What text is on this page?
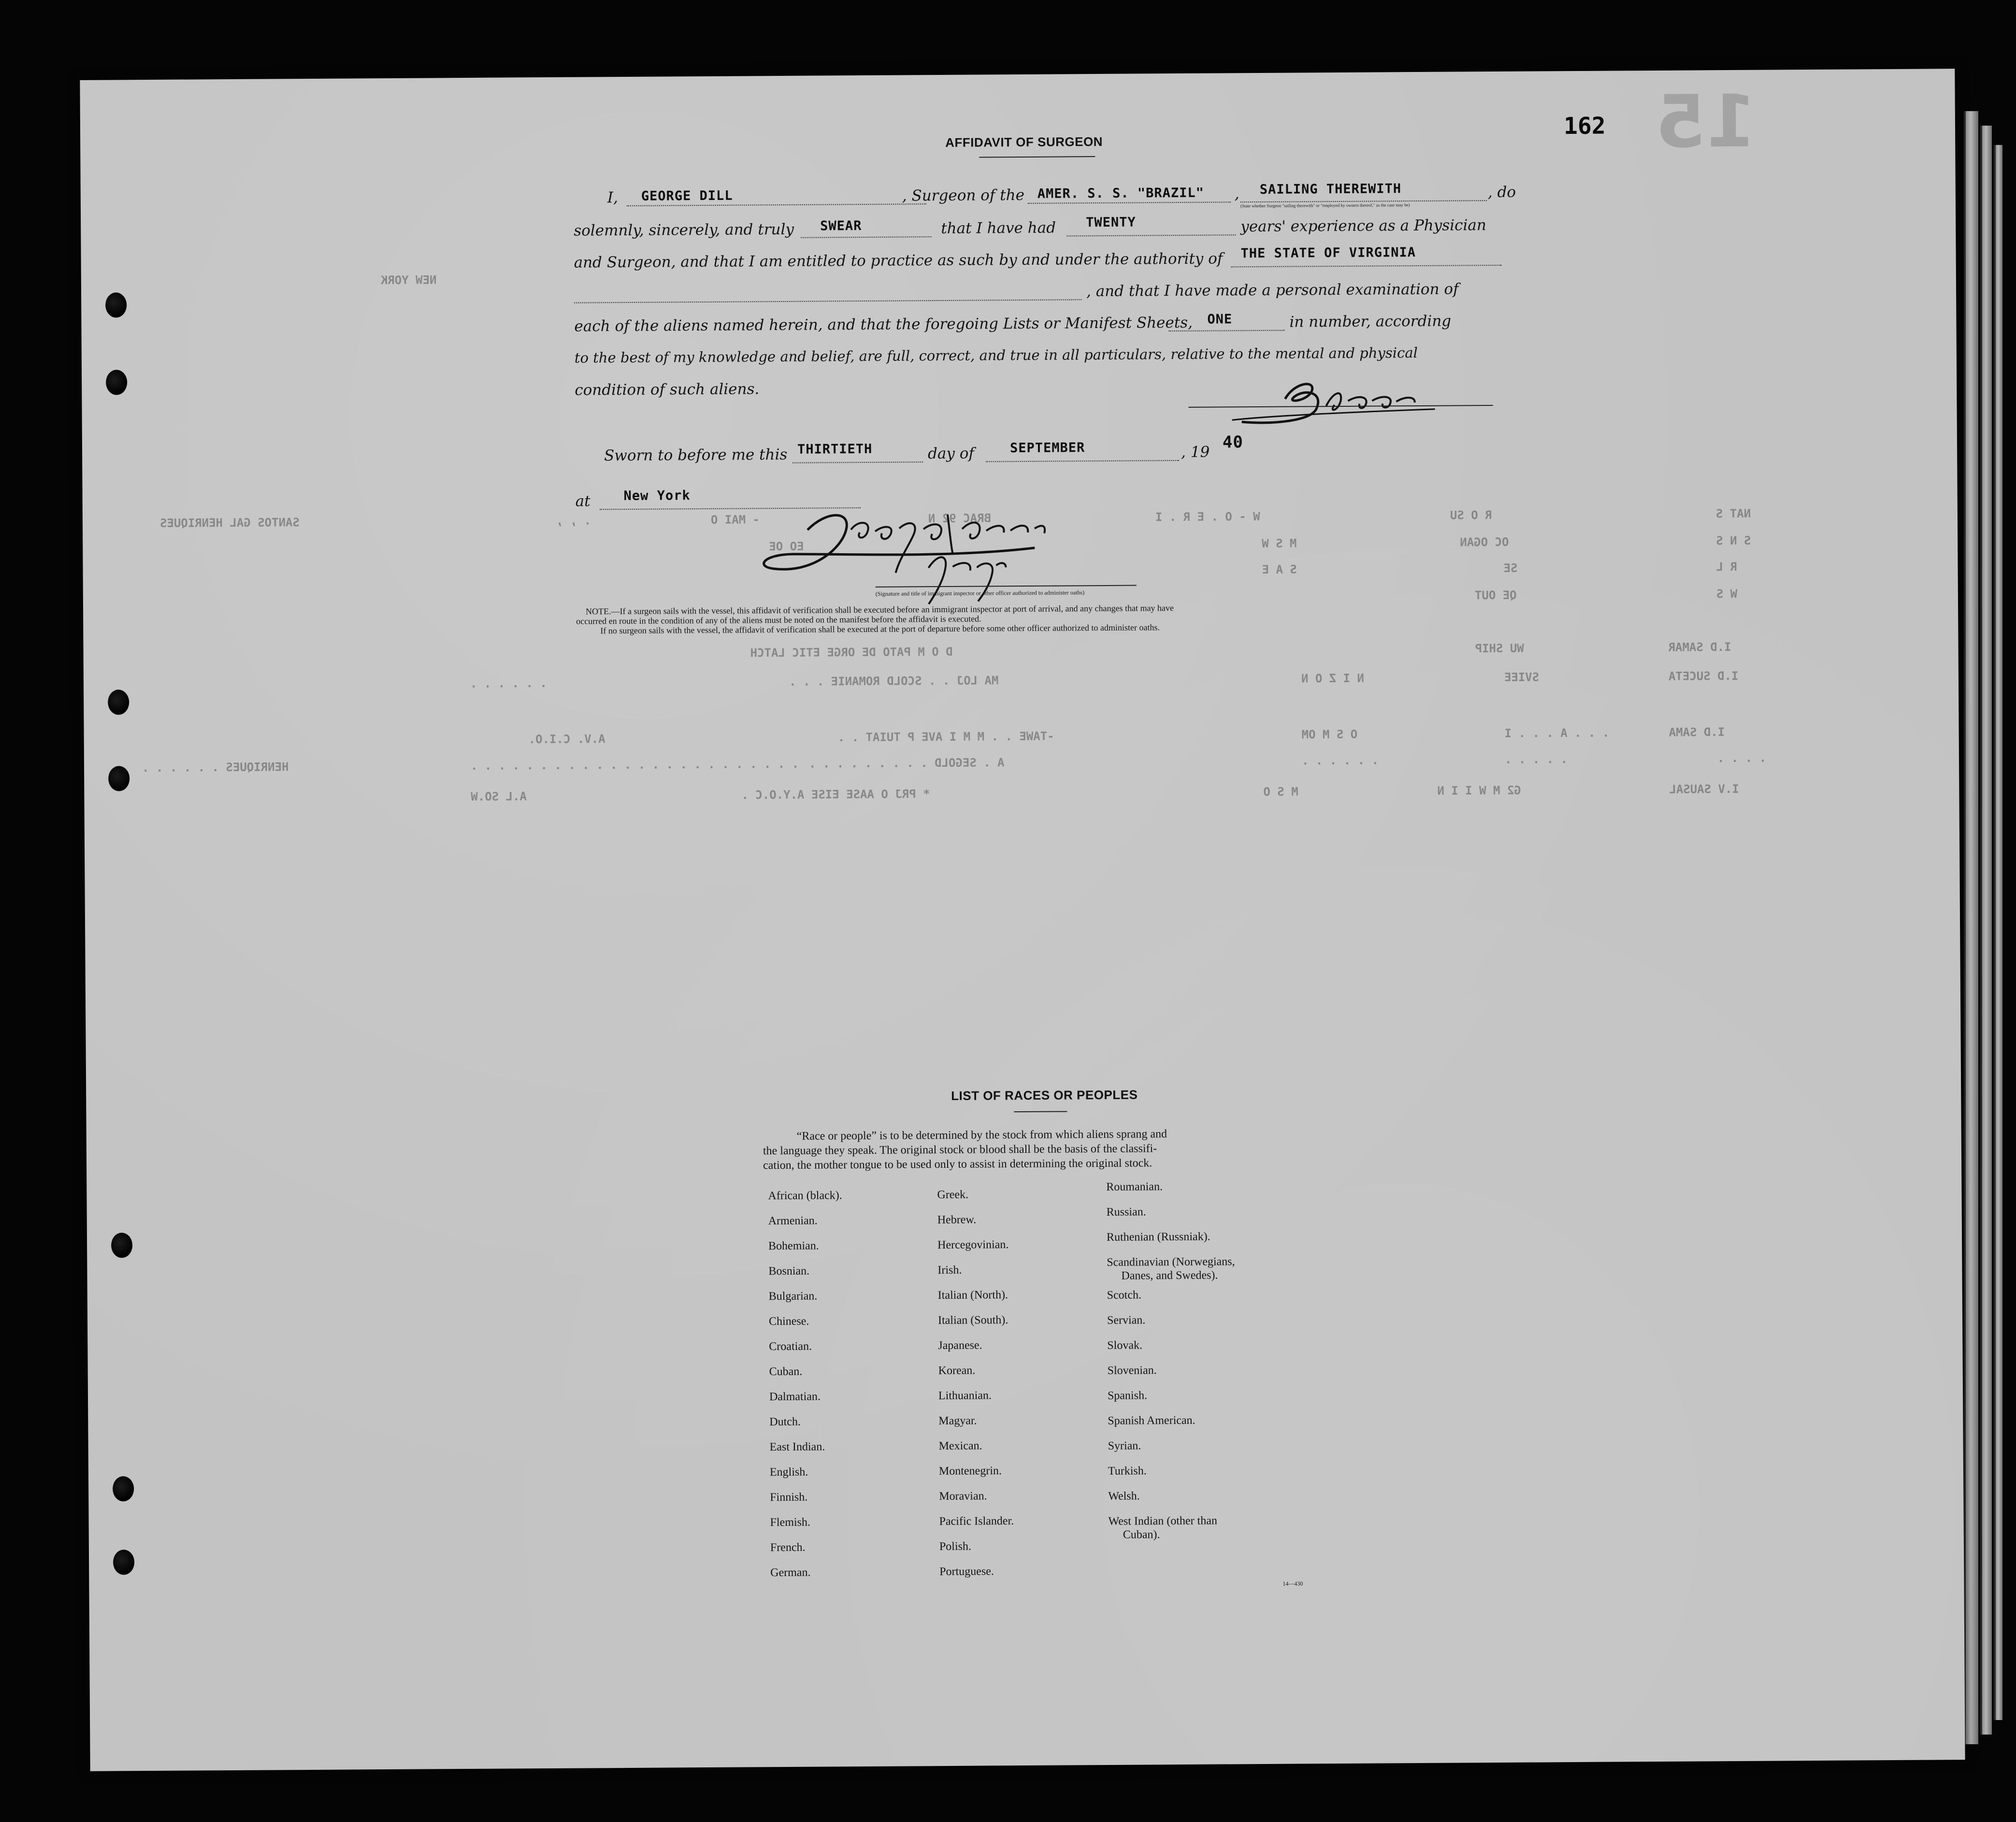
162 15
NEW YORK
SANTOS GAL HENRIQUES	. , ,	- MAI O	BRAC 92 N	W - O . E R . I	R O SU	NAT S
EO OE	M S W	OC OGAN	S N S
S A E	SE	R L
QE OUT	W S
D O M PATO DE ORGE ETIC LATCH	WU SHIP	I.D SAMAR
. . . . . .	MA LOJ . . SCOLD ROMANIE . . .	N I Z O N	SVIEE	I.D SUCETA
A.V. C.I.O.	-TAWE . . M M I AVE P TUIAT . .	O S M OM	. . . A . . . I	I.D SAMA
HENRIQUES . . . . . .	. . . . . . . . . . . . . . . . . . . . . . . . A . SEGOLD . . . . . . . . .	. . . . . .	. . . . .	. . . .
A.L SO.W	* PRJ O AASE EISE A.Y.O.C .	M S O	G2 M W I I N	I.V SAUSAL
AFFIDAVIT OF SURGEON
I, GEORGE DILL	, Surgeon of the AMER. S. S. "BRAZIL" , SAILING THEREWITH
(State whether Surgeon "sailing therewith" or "employed by owners thereof," as the case may be)
, do
solemnly, sincerely, and truly SWEAR	that I have had TWENTY	years' experience as a Physician
and Surgeon, and that I am entitled to practice as such by and under the authority of THE STATE OF VIRGINIA
, and that I have made a personal examination of
each of the aliens named herein, and that the foregoing Lists or Manifest Sheets, ONE	in number, according
to the best of my knowledge and belief, are full, correct, and true in all particulars, relative to the mental and physical
condition of such aliens.
Sworn to before me this THIRTIETH	day of	SEPTEMBER	, 19
40
at	New York
(Signature and title of immigrant inspector or other officer authorized to administer oaths)
NOTE.—If a surgeon sails with the vessel, this affidavit of verification shall be executed before an immigrant inspector at port of arrival, and any changes that may have
occurred en route in the condition of any of the aliens must be noted on the manifest before the affidavit is executed.
If no surgeon sails with the vessel, the affidavit of verification shall be executed at the port of departure before some other officer authorized to administer oaths.
LIST OF RACES OR PEOPLES
“Race or people” is to be determined by the stock from which aliens sprang and
the language they speak. The original stock or blood shall be the basis of the classifi-
cation, the mother tongue to be used only to assist in determining the original stock.
African (black).
Armenian.
Bohemian.
Bosnian.
Bulgarian.
Chinese.
Croatian.
Cuban.
Dalmatian.
Dutch.
East Indian.
English.
Finnish.
Flemish.
French.
German.
Greek.
Hebrew.
Hercegovinian.
Irish.
Italian (North).
Italian (South).
Japanese.
Korean.
Lithuanian.
Magyar.
Mexican.
Montenegrin.
Moravian.
Pacific Islander.
Polish.
Portuguese.
Roumanian.
Russian.
Ruthenian (Russniak).
Scandinavian (Norwegians,
Danes, and Swedes).
Scotch.
Servian.
Slovak.
Slovenian.
Spanish.
Spanish American.
Syrian.
Turkish.
Welsh.
West Indian (other than
Cuban).
14—430
